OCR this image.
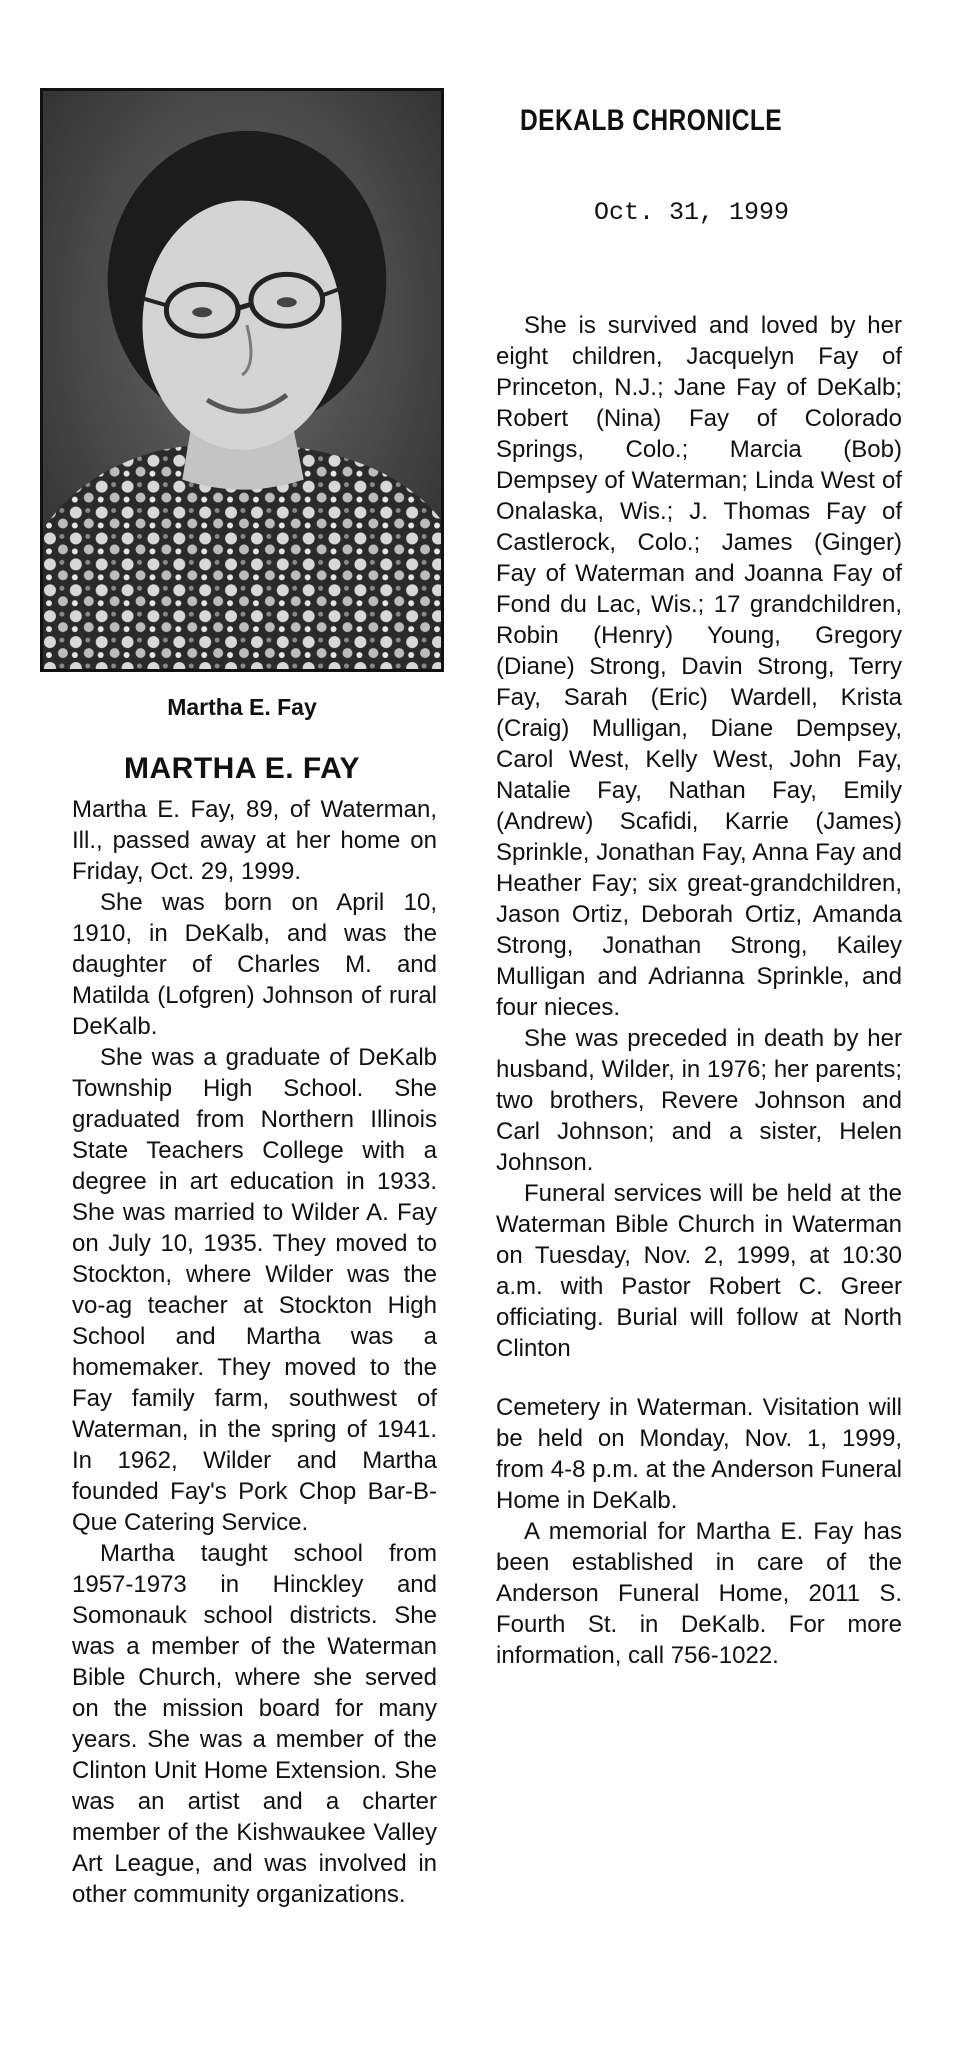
DEKALB CHRONICLE
Oct. 31, 1999
Martha E. Fay
MARTHA E. FAY

Martha E. Fay, 89, of Waterman, Ill., passed away at her home on Friday, Oct. 29, 1999.

She was born on April 10, 1910, in DeKalb, and was the daughter of Charles M. and Matilda (Lofgren) Johnson of rural DeKalb.

She was a graduate of DeKalb Township High School. She graduated from Northern Illinois State Teachers College with a degree in art education in 1933. She was married to Wilder A. Fay on July 10, 1935. They moved to Stockton, where Wilder was the vo-ag teacher at Stockton High School and Martha was a homemaker. They moved to the Fay family farm, southwest of Waterman, in the spring of 1941. In 1962, Wilder and Martha founded Fay's Pork Chop Bar-B-Que Catering Service.

Martha taught school from 1957-1973 in Hinckley and Somonauk school districts. She was a member of the Waterman Bible Church, where she served on the mission board for many years. She was a member of the Clinton Unit Home Extension. She was an artist and a charter member of the Kishwaukee Valley Art League, and was involved in other community organizations.

She is survived and loved by her eight children, Jacquelyn Fay of Princeton, N.J.; Jane Fay of DeKalb; Robert (Nina) Fay of Colorado Springs, Colo.; Marcia (Bob) Dempsey of Waterman; Linda West of Onalaska, Wis.; J. Thomas Fay of Castlerock, Colo.; James (Ginger) Fay of Waterman and Joanna Fay of Fond du Lac, Wis.; 17 grandchildren, Robin (Henry) Young, Gregory (Diane) Strong, Davin Strong, Terry Fay, Sarah (Eric) Wardell, Krista (Craig) Mulligan, Diane Dempsey, Carol West, Kelly West, John Fay, Natalie Fay, Nathan Fay, Emily (Andrew) Scafidi, Karrie (James) Sprinkle, Jonathan Fay, Anna Fay and Heather Fay; six great-grandchildren, Jason Ortiz, Deborah Ortiz, Amanda Strong, Jonathan Strong, Kailey Mulligan and Adrianna Sprinkle, and four nieces.

She was preceded in death by her husband, Wilder, in 1976; her parents; two brothers, Revere Johnson and Carl Johnson; and a sister, Helen Johnson.

Funeral services will be held at the Waterman Bible Church in Waterman on Tuesday, Nov. 2, 1999, at 10:30 a.m. with Pastor Robert C. Greer officiating. Burial will follow at North Clinton

Cemetery in Waterman. Visitation will be held on Monday, Nov. 1, 1999, from 4-8 p.m. at the Anderson Funeral Home in DeKalb.

A memorial for Martha E. Fay has been established in care of the Anderson Funeral Home, 2011 S. Fourth St. in DeKalb. For more information, call 756-1022.
